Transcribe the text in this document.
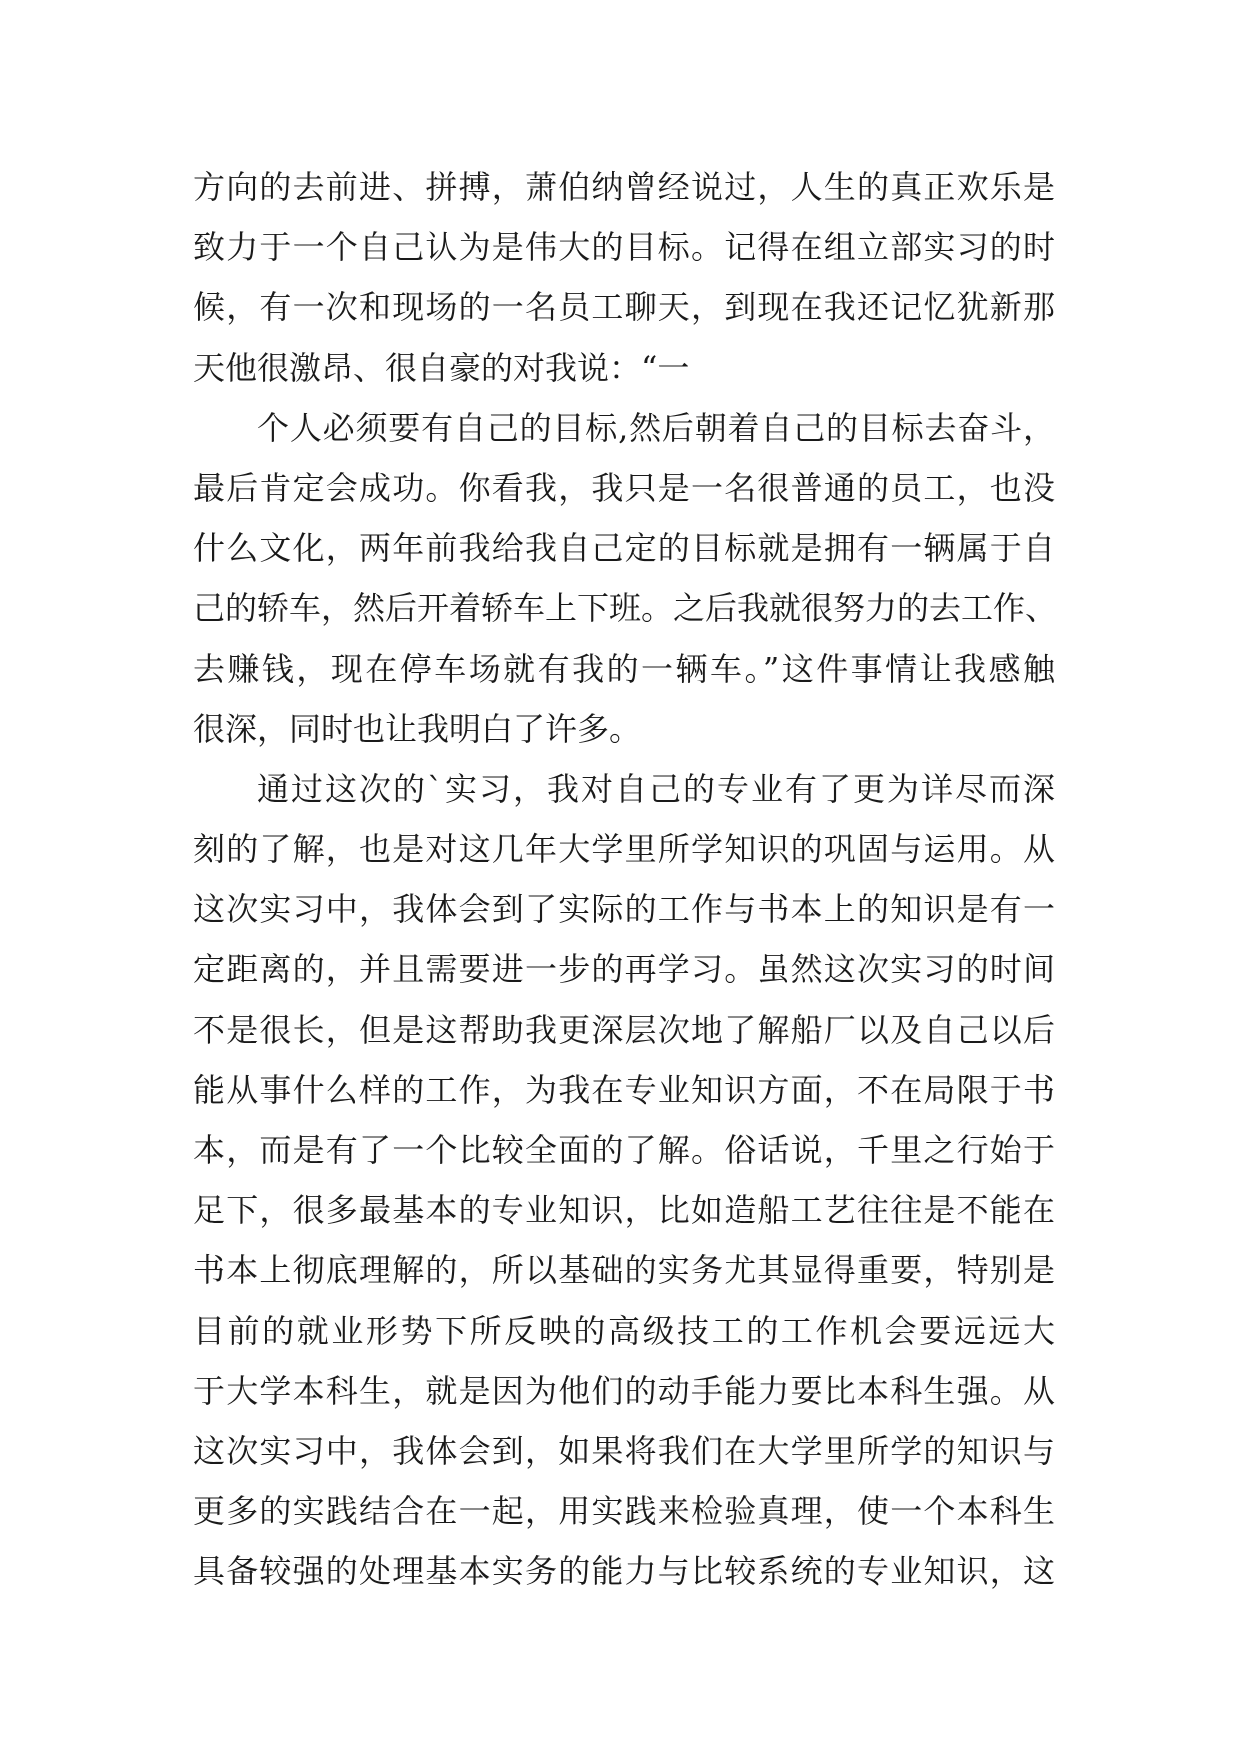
方向的去前进、拼搏，萧伯纳曾经说过，人生的真正欢乐是
致力于一个自己认为是伟大的目标。记得在组立部实习的时
候，有一次和现场的一名员工聊天，到现在我还记忆犹新那
天他很激昂、很自豪的对我说：“一
个人必须要有自己的目标,然后朝着自己的目标去奋斗，
最后肯定会成功。你看我，我只是一名很普通的员工，也没
什么文化，两年前我给我自己定的目标就是拥有一辆属于自
己的轿车，然后开着轿车上下班。之后我就很努力的去工作、
去赚钱，现在停车场就有我的一辆车。”这件事情让我感触
很深，同时也让我明白了许多。
通过这次的`实习，我对自己的专业有了更为详尽而深
刻的了解，也是对这几年大学里所学知识的巩固与运用。从
这次实习中，我体会到了实际的工作与书本上的知识是有一
定距离的，并且需要进一步的再学习。虽然这次实习的时间
不是很长，但是这帮助我更深层次地了解船厂以及自己以后
能从事什么样的工作，为我在专业知识方面，不在局限于书
本，而是有了一个比较全面的了解。俗话说，千里之行始于
足下，很多最基本的专业知识，比如造船工艺往往是不能在
书本上彻底理解的，所以基础的实务尤其显得重要，特别是
目前的就业形势下所反映的高级技工的工作机会要远远大
于大学本科生，就是因为他们的动手能力要比本科生强。从
这次实习中，我体会到，如果将我们在大学里所学的知识与
更多的实践结合在一起，用实践来检验真理，使一个本科生
具备较强的处理基本实务的能力与比较系统的专业知识，这
